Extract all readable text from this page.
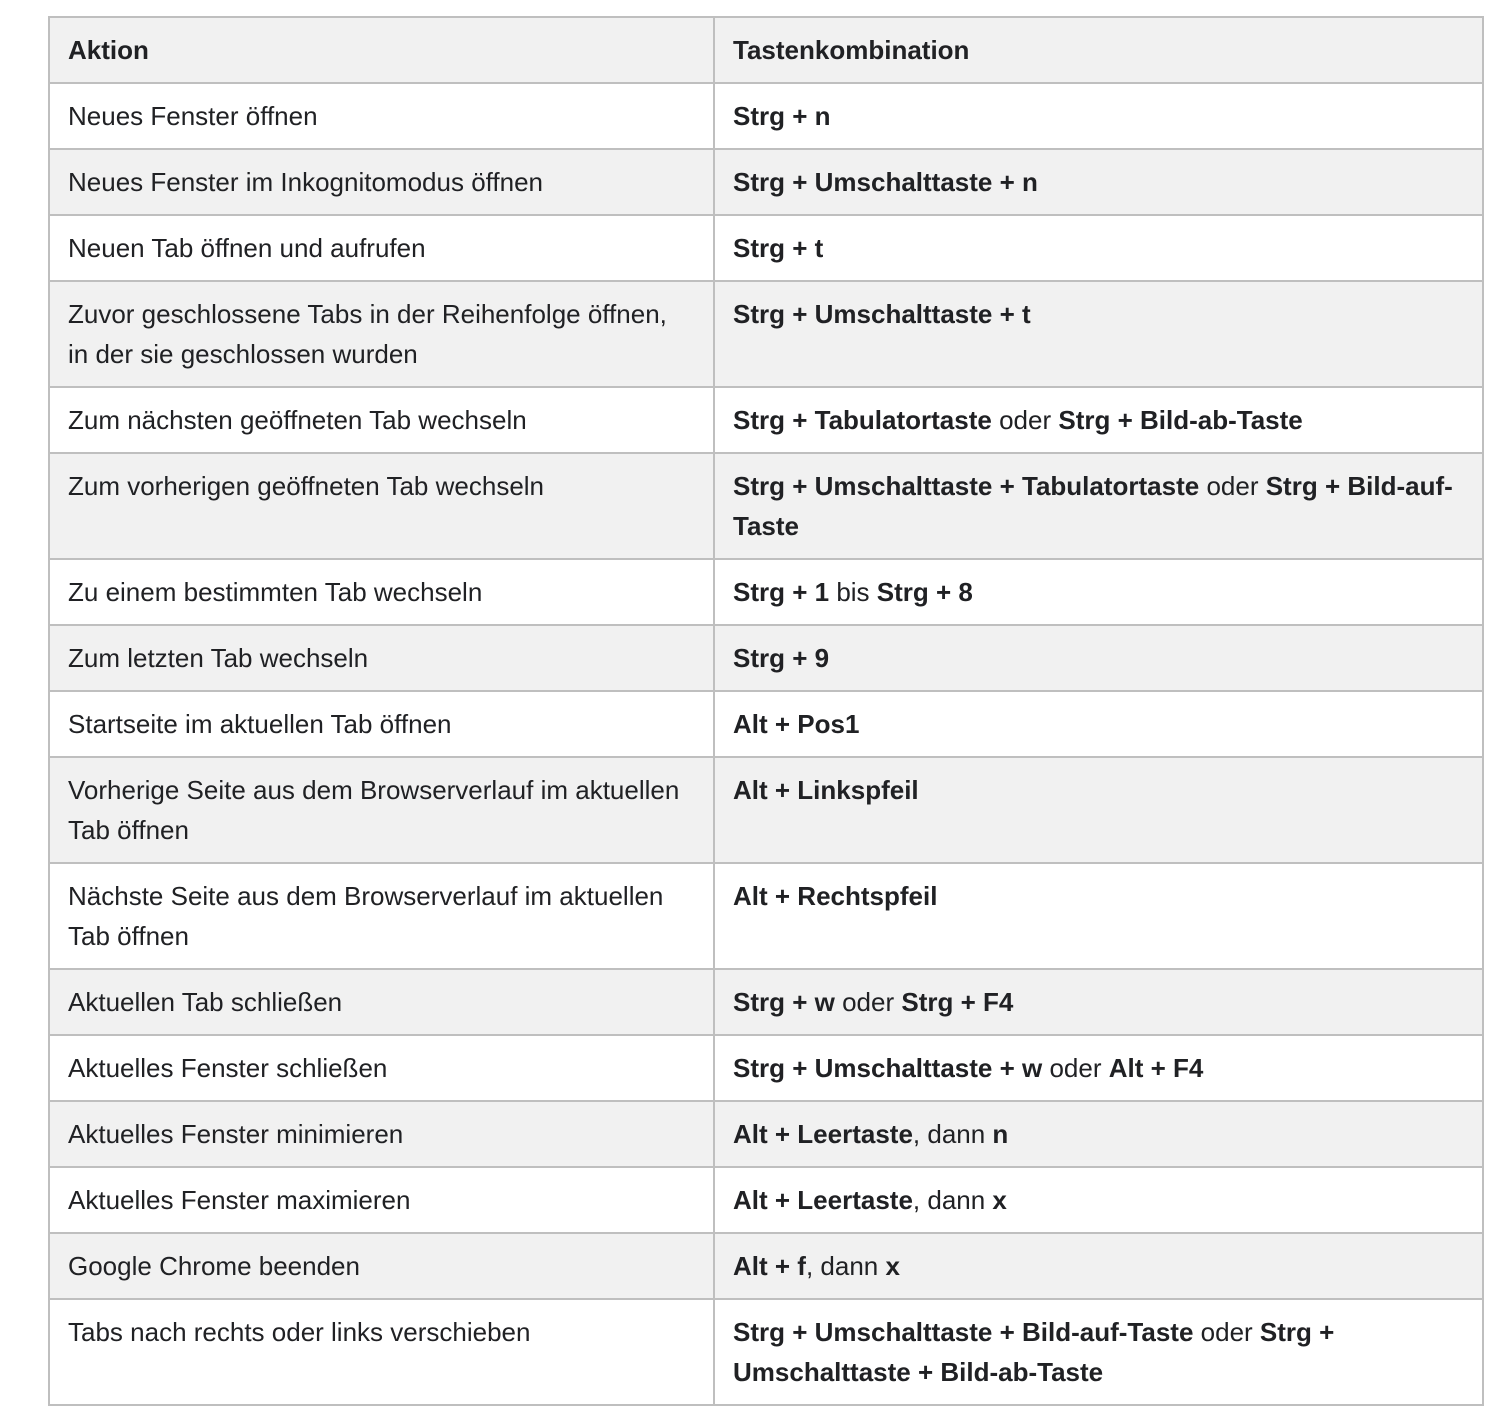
Aktion	Tastenkombination
Neues Fenster öffnen	Strg + n
Neues Fenster im Inkognitomodus öffnen	Strg + Umschalttaste + n
Neuen Tab öffnen und aufrufen	Strg + t
Zuvor geschlossene Tabs in der Reihenfolge öffnen, in der sie geschlossen wurden	Strg + Umschalttaste + t
Zum nächsten geöffneten Tab wechseln	Strg + Tabulatortaste oder Strg + Bild-ab-Taste
Zum vorherigen geöffneten Tab wechseln	Strg + Umschalttaste + Tabulatortaste oder Strg + Bild-auf-Taste
Zu einem bestimmten Tab wechseln	Strg + 1 bis Strg + 8
Zum letzten Tab wechseln	Strg + 9
Startseite im aktuellen Tab öffnen	Alt + Pos1
Vorherige Seite aus dem Browserverlauf im aktuellen Tab öffnen	Alt + Linkspfeil
Nächste Seite aus dem Browserverlauf im aktuellen Tab öffnen	Alt + Rechtspfeil
Aktuellen Tab schließen	Strg + w oder Strg + F4
Aktuelles Fenster schließen	Strg + Umschalttaste + w oder Alt + F4
Aktuelles Fenster minimieren	Alt + Leertaste, dann n
Aktuelles Fenster maximieren	Alt + Leertaste, dann x
Google Chrome beenden	Alt + f, dann x
Tabs nach rechts oder links verschieben	Strg + Umschalttaste + Bild-auf-Taste oder Strg + Umschalttaste + Bild-ab-Taste
